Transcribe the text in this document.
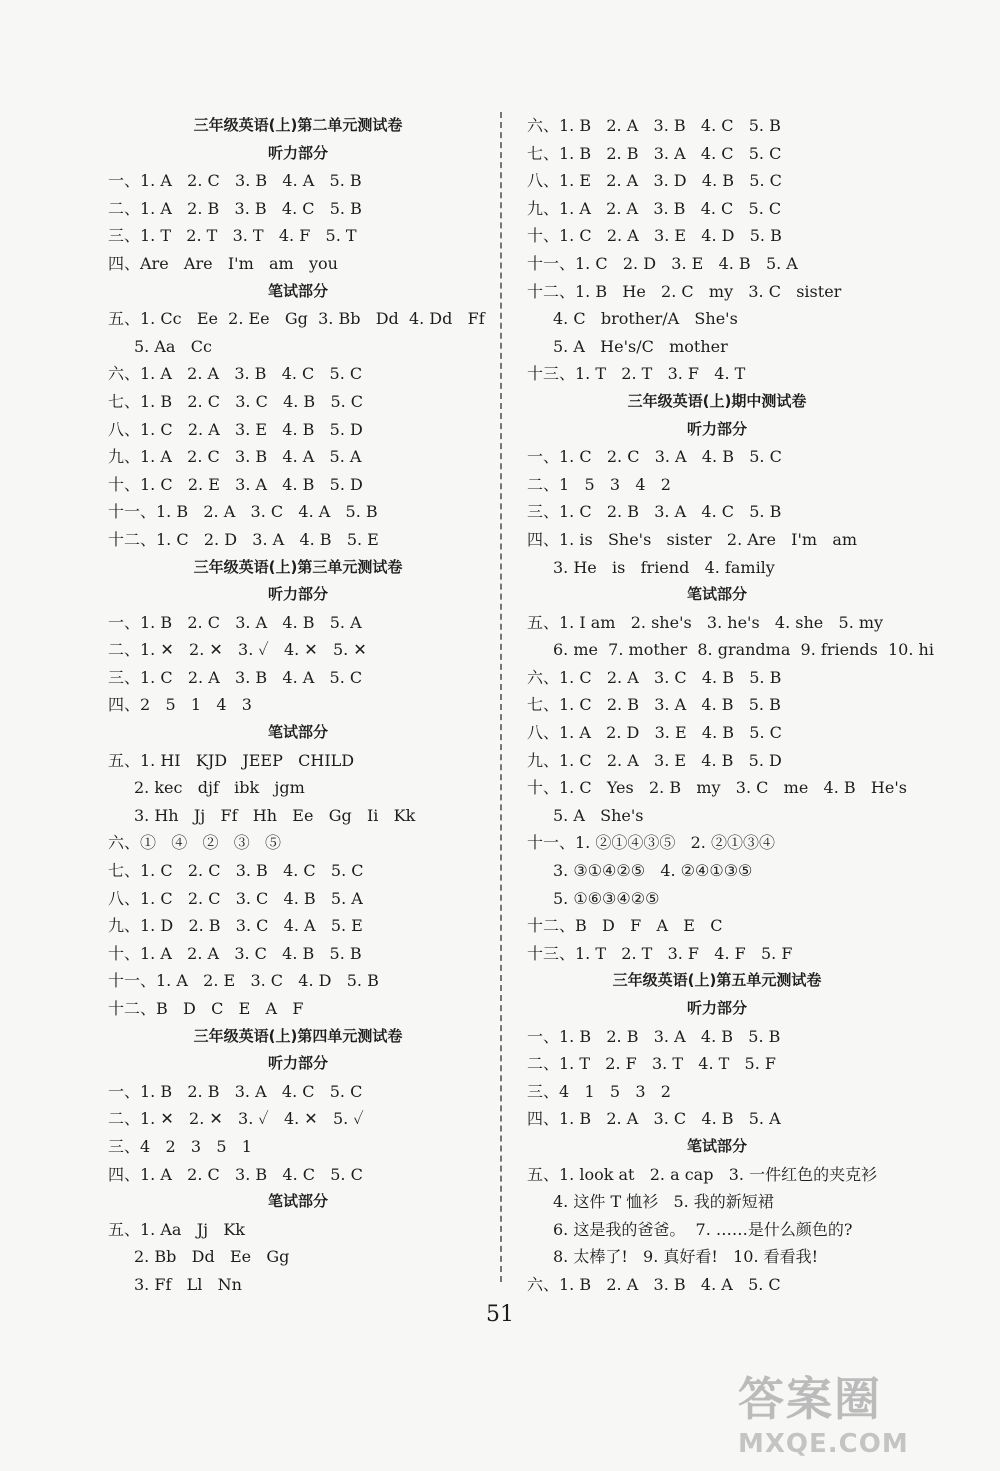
三年级英语(上)第二单元测试卷
听力部分
一、1. A   2. C   3. B   4. A   5. B
二、1. A   2. B   3. B   4. C   5. B
三、1. T   2. T   3. T   4. F   5. T
四、Are   Are   I'm   am   you
笔试部分
五、1. Cc   Ee  2. Ee   Gg  3. Bb   Dd  4. Dd   Ff
5. Aa   Cc
六、1. A   2. A   3. B   4. C   5. C
七、1. B   2. C   3. C   4. B   5. C
八、1. C   2. A   3. E   4. B   5. D
九、1. A   2. C   3. B   4. A   5. A
十、1. C   2. E   3. A   4. B   5. D
十一、1. B   2. A   3. C   4. A   5. B
十二、1. C   2. D   3. A   4. B   5. E
三年级英语(上)第三单元测试卷
听力部分
一、1. B   2. C   3. A   4. B   5. A
二、1. ✕   2. ✕   3. ✓   4. ✕   5. ✕
三、1. C   2. A   3. B   4. A   5. C
四、2   5   1   4   3
笔试部分
五、1. HI   KJD   JEEP   CHILD
2. kec   djf   ibk   jgm
3. Hh   Jj   Ff   Hh   Ee   Gg   Ii   Kk
六、①   ④   ②   ③   ⑤
七、1. C   2. C   3. B   4. C   5. C
八、1. C   2. C   3. C   4. B   5. A
九、1. D   2. B   3. C   4. A   5. E
十、1. A   2. A   3. C   4. B   5. B
十一、1. A   2. E   3. C   4. D   5. B
十二、B   D   C   E   A   F
三年级英语(上)第四单元测试卷
听力部分
一、1. B   2. B   3. A   4. C   5. C
二、1. ✕   2. ✕   3. ✓   4. ✕   5. ✓
三、4   2   3   5   1
四、1. A   2. C   3. B   4. C   5. C
笔试部分
五、1. Aa   Jj   Kk
2. Bb   Dd   Ee   Gg
3. Ff   Ll   Nn
六、1. B   2. A   3. B   4. C   5. B
七、1. B   2. B   3. A   4. C   5. C
八、1. E   2. A   3. D   4. B   5. C
九、1. A   2. A   3. B   4. C   5. C
十、1. C   2. A   3. E   4. D   5. B
十一、1. C   2. D   3. E   4. B   5. A
十二、1. B   He   2. C   my   3. C   sister
4. C   brother/A   She's
5. A   He's/C   mother
十三、1. T   2. T   3. F   4. T
三年级英语(上)期中测试卷
听力部分
一、1. C   2. C   3. A   4. B   5. C
二、1   5   3   4   2
三、1. C   2. B   3. A   4. C   5. B
四、1. is   She's   sister   2. Are   I'm   am
3. He   is   friend   4. family
笔试部分
五、1. I am   2. she's   3. he's   4. she   5. my
6. me  7. mother  8. grandma  9. friends  10. hi
六、1. C   2. A   3. C   4. B   5. B
七、1. C   2. B   3. A   4. B   5. B
八、1. A   2. D   3. E   4. B   5. C
九、1. C   2. A   3. E   4. B   5. D
十、1. C   Yes   2. B   my   3. C   me   4. B   He's
5. A   She's
十一、1. ②①④③⑤   2. ②①③④
3. ③①④②⑤   4. ②④①③⑤
5. ①⑥③④②⑤
十二、B   D   F   A   E   C
十三、1. T   2. T   3. F   4. F   5. F
三年级英语(上)第五单元测试卷
听力部分
一、1. B   2. B   3. A   4. B   5. B
二、1. T   2. F   3. T   4. T   5. F
三、4   1   5   3   2
四、1. B   2. A   3. C   4. B   5. A
笔试部分
五、1. look at   2. a cap   3. 一件红色的夹克衫
4. 这件 T 恤衫   5. 我的新短裙
6. 这是我的爸爸。  7. ……是什么颜色的?
8. 太棒了!   9. 真好看!   10. 看看我!
六、1. B   2. A   3. B   4. A   5. C
51
答案圈
MXQE.COM
